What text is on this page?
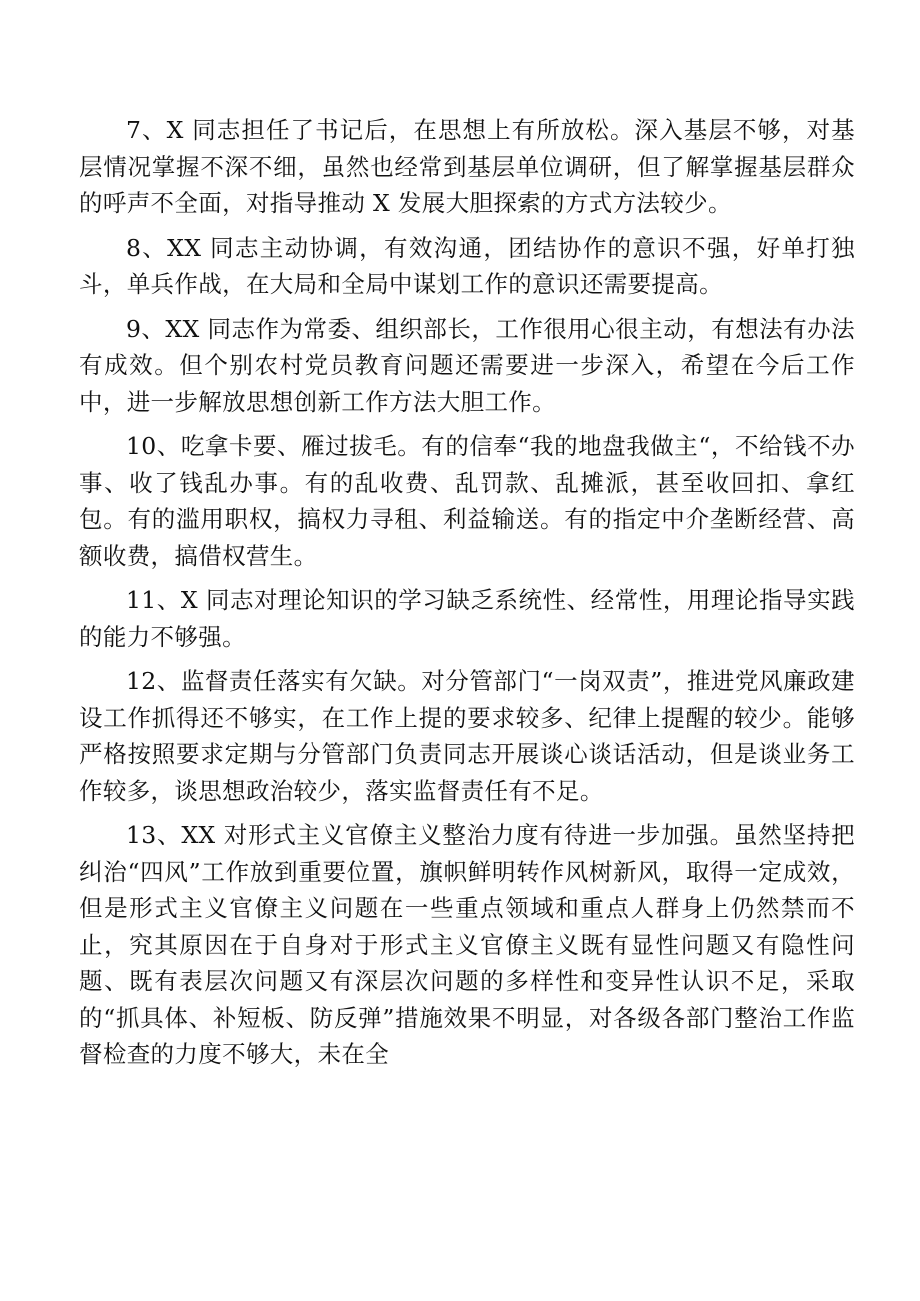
7、X 同志担任了书记后，在思想上有所放松。深入基层不够，对基层情况掌握不深不细，虽然也经常到基层单位调研，但了解掌握基层群众的呼声不全面，对指导推动 X 发展大胆探索的方式方法较少。

8、XX 同志主动协调，有效沟通，团结协作的意识不强，好单打独斗，单兵作战，在大局和全局中谋划工作的意识还需要提高。

9、XX 同志作为常委、组织部长，工作很用心很主动，有想法有办法有成效。但个别农村党员教育问题还需要进一步深入，希望在今后工作中，进一步解放思想创新工作方法大胆工作。

10、吃拿卡要、雁过拔毛。有的信奉“我的地盘我做主“，不给钱不办事、收了钱乱办事。有的乱收费、乱罚款、乱摊派，甚至收回扣、拿红包。有的滥用职权，搞权力寻租、利益输送。有的指定中介垄断经营、高额收费，搞借权营生。

11、X 同志对理论知识的学习缺乏系统性、经常性，用理论指导实践的能力不够强。

12、监督责任落实有欠缺。对分管部门“一岗双责”，推进党风廉政建设工作抓得还不够实，在工作上提的要求较多、纪律上提醒的较少。能够严格按照要求定期与分管部门负责同志开展谈心谈话活动，但是谈业务工作较多，谈思想政治较少，落实监督责任有不足。

13、XX 对形式主义官僚主义整治力度有待进一步加强。虽然坚持把纠治“四风”工作放到重要位置，旗帜鲜明转作风树新风，取得一定成效，但是形式主义官僚主义问题在一些重点领域和重点人群身上仍然禁而不止，究其原因在于自身对于形式主义官僚主义既有显性问题又有隐性问题、既有表层次问题又有深层次问题的多样性和变异性认识不足，采取的“抓具体、补短板、防反弹”措施效果不明显，对各级各部门整治工作监督检查的力度不够大，未在全
